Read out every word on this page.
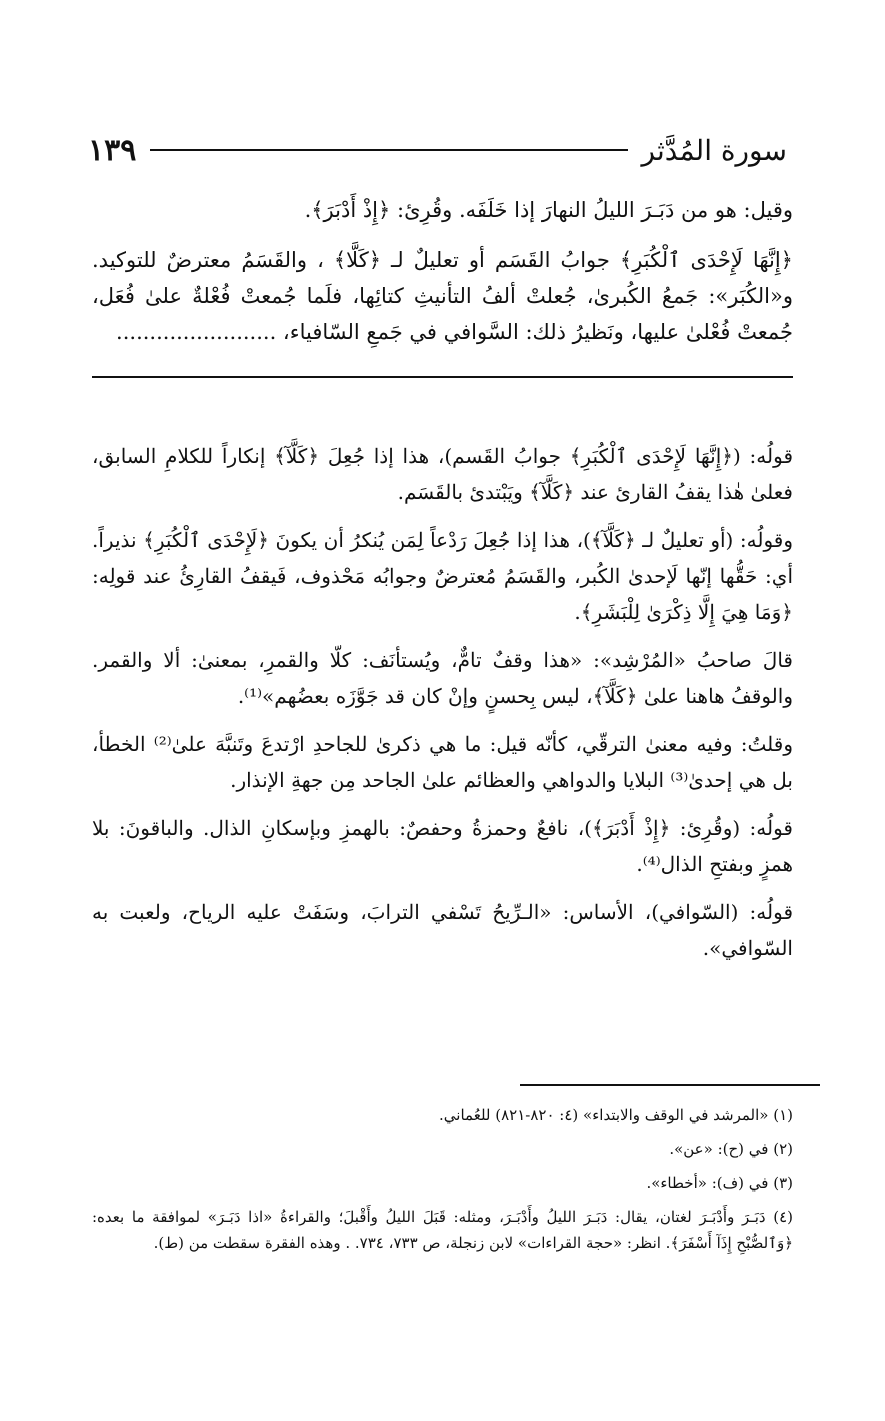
سورة المُدَّثر
١٣٩

وقيل: هو من دَبَـرَ الليلُ النهارَ إذا خَلَفَه. وقُرِئ: ﴿إِذْ أَدْبَرَ﴾.

﴿إِنَّهَا لَإِحْدَى ٱلْكُبَرِ﴾ جوابُ القَسَم أو تعليلٌ لـ ﴿كَلَّا﴾ ، والقَسَمُ معترضٌ للتوكيد. و«الكُبَر»: جَمعُ الكُبرىٰ، جُعلتْ ألفُ التأنيثِ كتائِها، فلَما جُمعتْ فُعْلةٌ علىٰ فُعَل، جُمعتْ فُعْلىٰ عليها، ونَظيرُ ذلك: السَّوافي في جَمعِ السّافياء، ........................

قولُه: (﴿إِنَّهَا لَإِحْدَى ٱلْكُبَرِ﴾ جوابُ القَسم)، هذا إذا جُعِلَ ﴿كَلَّآ﴾ إنكاراً للكلامِ السابق، فعلىٰ هٰذا يقفُ القارئ عند ﴿كَلَّآ﴾ ويَبْتدئ بالقَسَم.

وقولُه: (أو تعليلٌ لـ ﴿كَلَّآ﴾)، هذا إذا جُعِلَ رَدْعاً لِمَن يُنكرُ أن يكونَ ﴿لَإِحْدَى ٱلْكُبَرِ﴾ نذيراً. أي: حَقُّها إنّها لَإحدىٰ الكُبر، والقَسَمُ مُعترضٌ وجوابُه مَحْذوف، فَيقفُ القارِئُ عند قولِه: ﴿وَمَا هِيَ إِلَّا ذِكْرَىٰ لِلْبَشَرِ﴾.

قالَ صاحبُ «المُرْشِد»: «هذا وقفٌ تامٌّ، ويُستأنَف: كلّا والقمرِ، بمعنىٰ: ألا والقمر. والوقفُ هاهنا علىٰ ﴿كَلَّآ﴾، ليس بِحسنٍ وإنْ كان قد جَوَّزَه بعضُهم»⁽¹⁾.

وقلتُ: وفيه معنىٰ الترقّي، كأنّه قيل: ما هي ذكرىٰ للجاحدِ ارْتدعَ وتَنبَّهَ علىٰ⁽²⁾ الخطأ، بل هي إحدىٰ⁽³⁾ البلايا والدواهي والعظائم علىٰ الجاحد مِن جهةِ الإنذار.

قولُه: (وقُرِئ: ﴿إِذْ أَدْبَرَ﴾)، نافعٌ وحمزةُ وحفصٌ: بالهمزِ وبإسكانِ الذال. والباقونَ: بلا همزٍ وبفتحِ الذال⁽⁴⁾.

قولُه: (السّوافي)، الأساس: «الـرِّيحُ تَسْفي الترابَ، وسَفَتْ عليه الرياح، ولعبت به السّوافي».

(١) «المرشد في الوقف والابتداء» (٤: ٨٢٠-٨٢١) للعُماني.

(٢) في (ح): «عن».

(٣) في (ف): «أخطاء».

(٤) دَبَـرَ وأَدْبَـرَ لغتان، يقال: دَبَـرَ الليلُ وأَدْبَـرَ، ومثله: قَبَلَ الليلُ وأَقْبلَ؛ والقراءةُ «اذا دَبَـرَ» لموافقة ما بعده: ﴿وَٱلصُّبْحِ إِذَآ أَسْفَرَ﴾. انظر: «حجة القراءات» لابن زنجلة، ص ٧٣٣، ٧٣٤. . وهذه الفقرة سقطت من (ط).
